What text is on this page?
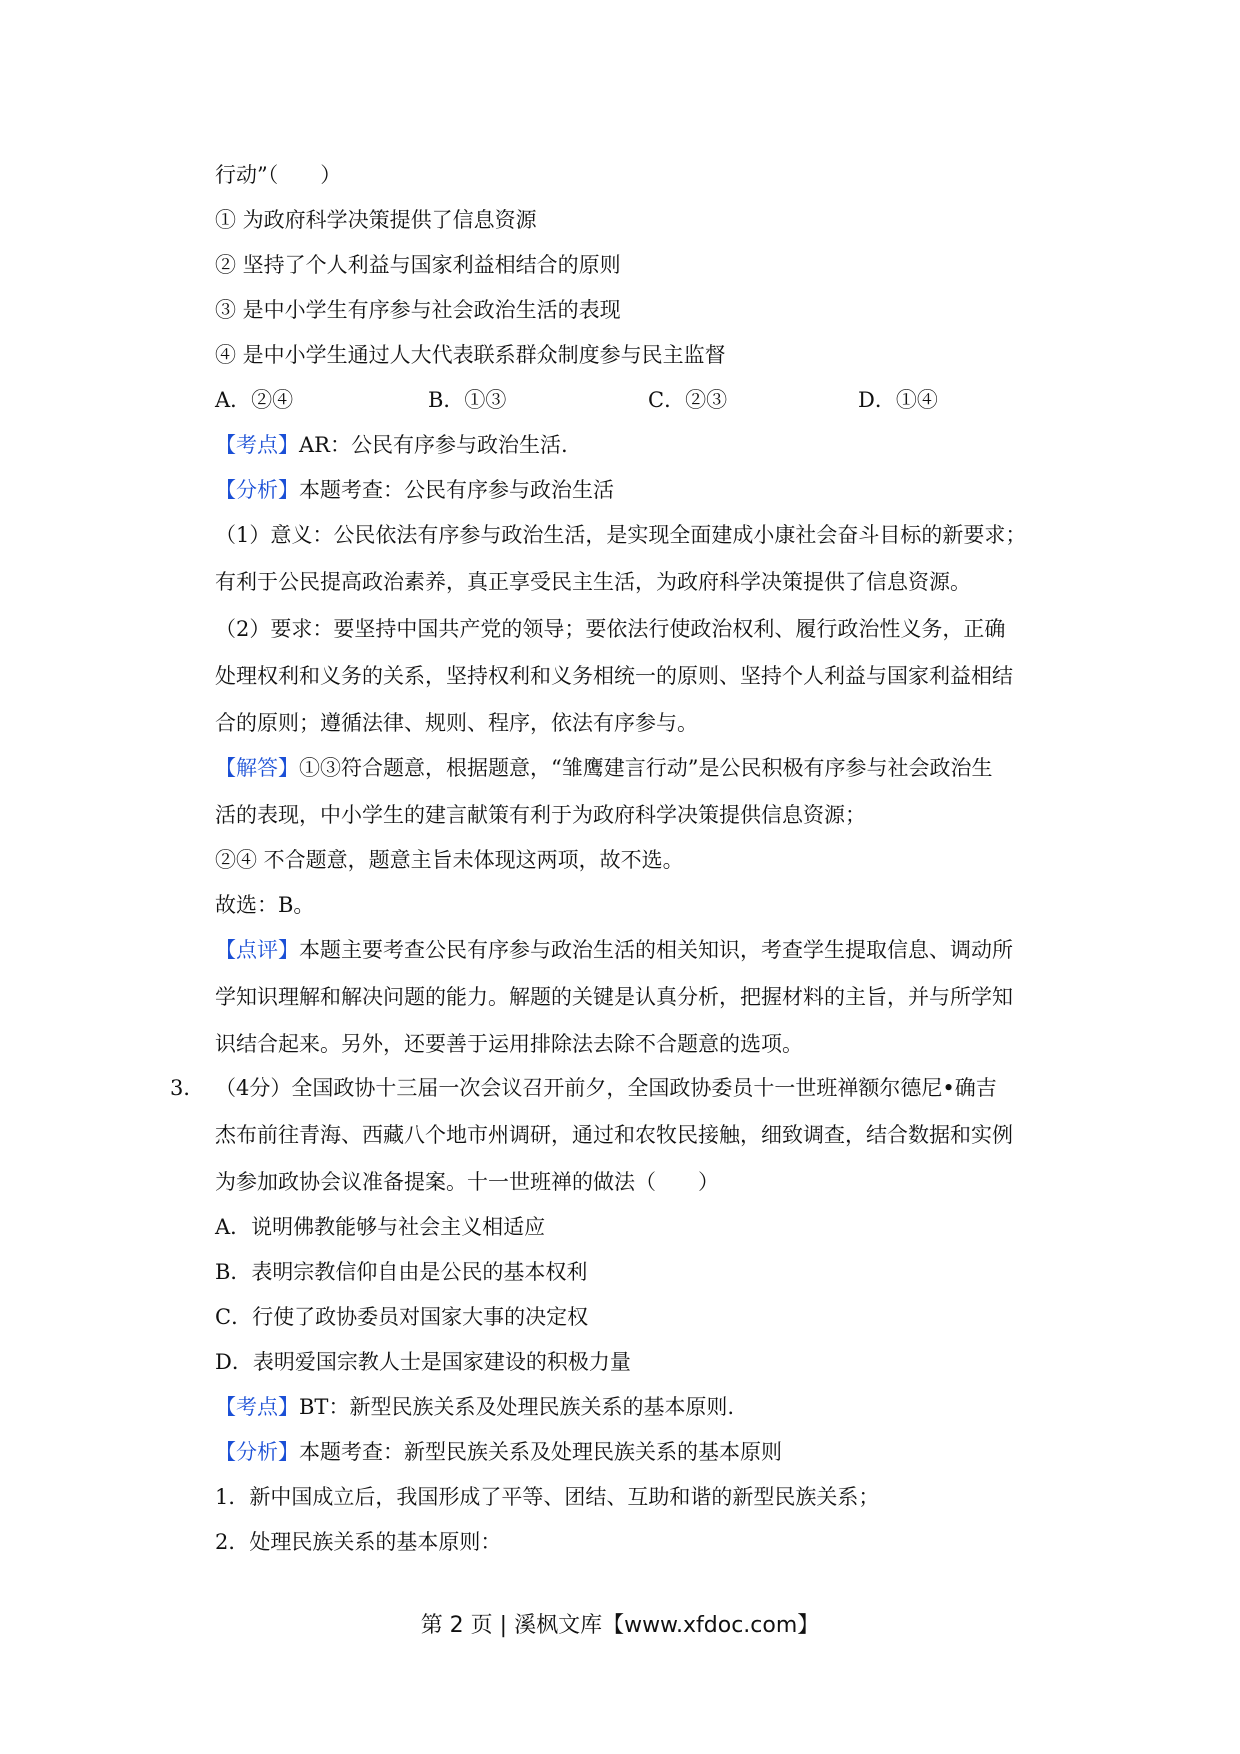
行动”（　　）
① 为政府科学决策提供了信息资源
② 坚持了个人利益与国家利益相结合的原则
③ 是中小学生有序参与社会政治生活的表现
④ 是中小学生通过人大代表联系群众制度参与民主监督
A．②④	B．①③	C．②③	D．①④
【考点】AR：公民有序参与政治生活.
【分析】本题考查：公民有序参与政治生活
（1）意义：公民依法有序参与政治生活，是实现全面建成小康社会奋斗目标的新要求；
有利于公民提高政治素养，真正享受民主生活，为政府科学决策提供了信息资源。
（2）要求：要坚持中国共产党的领导；要依法行使政治权利、履行政治性义务，正确
处理权利和义务的关系，坚持权利和义务相统一的原则、坚持个人利益与国家利益相结
合的原则；遵循法律、规则、程序，依法有序参与。
【解答】①③符合题意，根据题意，“雏鹰建言行动”是公民积极有序参与社会政治生
活的表现，中小学生的建言献策有利于为政府科学决策提供信息资源；
②④ 不合题意，题意主旨未体现这两项，故不选。
故选：B。
【点评】本题主要考查公民有序参与政治生活的相关知识，考查学生提取信息、调动所
学知识理解和解决问题的能力。解题的关键是认真分析，把握材料的主旨，并与所学知
识结合起来。另外，还要善于运用排除法去除不合题意的选项。
3． （4分）全国政协十三届一次会议召开前夕，全国政协委员十一世班禅额尔德尼•确吉
杰布前往青海、西藏八个地市州调研，通过和农牧民接触，细致调查，结合数据和实例
为参加政协会议准备提案。十一世班禅的做法（　　）
A．说明佛教能够与社会主义相适应
B．表明宗教信仰自由是公民的基本权利
C．行使了政协委员对国家大事的决定权
D．表明爱国宗教人士是国家建设的积极力量
【考点】BT：新型民族关系及处理民族关系的基本原则.
【分析】本题考查：新型民族关系及处理民族关系的基本原则
1．新中国成立后，我国形成了平等、团结、互助和谐的新型民族关系；
2．处理民族关系的基本原则：
第 2 页 | 溪枫文库【www.xfdoc.com】
